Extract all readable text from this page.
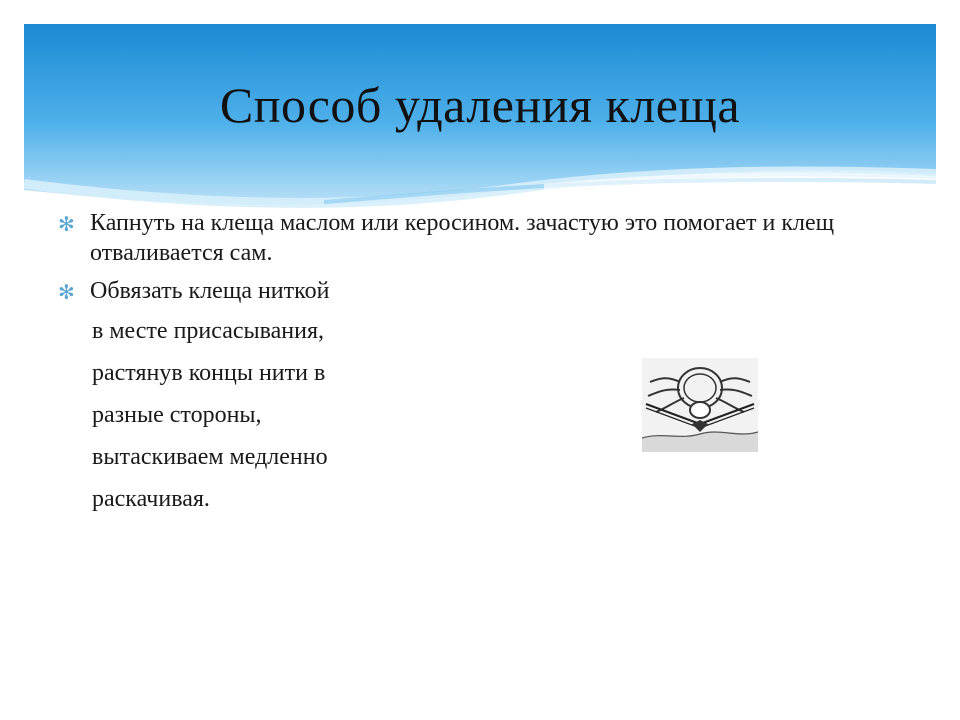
Способ удаления клеща
✻ Капнуть на клеща маслом или керосином. зачастую это помогает и клещ отваливается сам.
✻ Обвязать клеща ниткой
в месте присасывания,
растянув концы нити в
разные стороны,
вытаскиваем медленно
раскачивая.
